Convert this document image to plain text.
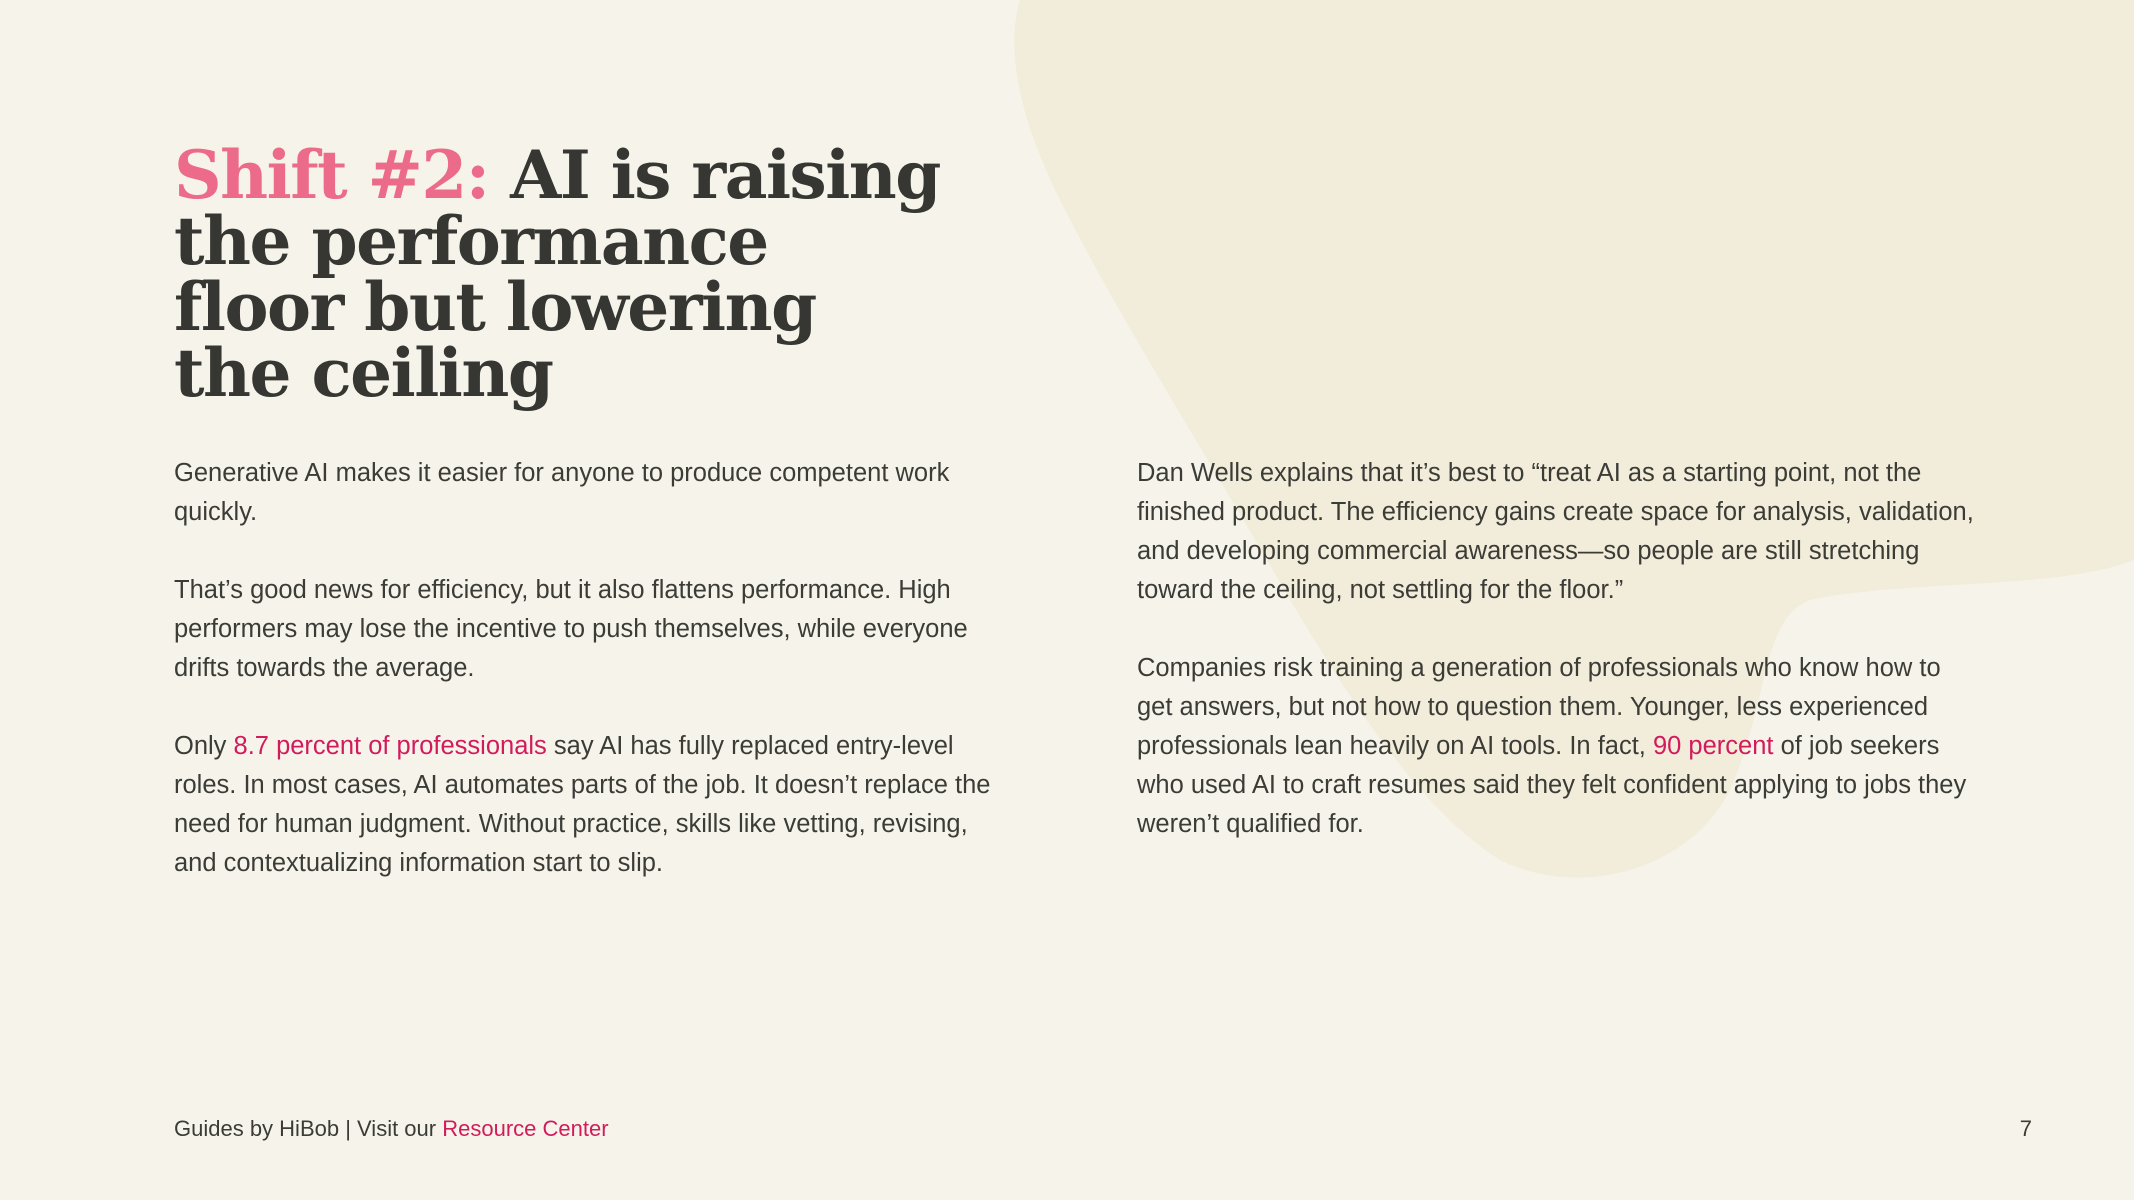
Shift #2: AI is raising
the performance
floor but lowering
the ceiling

Generative AI makes it easier for anyone to produce competent work quickly.

That’s good news for efficiency, but it also flattens performance. High performers may lose the incentive to push themselves, while everyone drifts towards the average.

Only 8.7 percent of professionals say AI has fully replaced entry-level roles. In most cases, AI automates parts of the job. It doesn’t replace the need for human judgment. Without practice, skills like vetting, revising, and contextualizing information start to slip.

Dan Wells explains that it’s best to “treat AI as a starting point, not the finished product. The efficiency gains create space for analysis, validation, and developing commercial awareness—so people are still stretching toward the ceiling, not settling for the floor.”

Companies risk training a generation of professionals who know how to get answers, but not how to question them. Younger, less experienced professionals lean heavily on AI tools. In fact, 90 percent of job seekers who used AI to craft resumes said they felt confident applying to jobs they weren’t qualified for.

Guides by HiBob | Visit our Resource Center	7
